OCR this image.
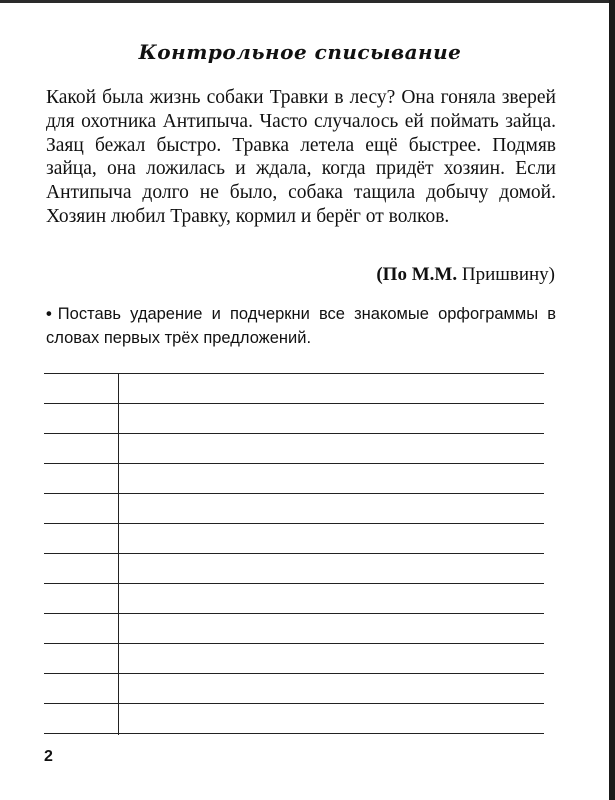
Контрольное списывание

Какой была жизнь собаки Травки в лесу? Она гоняла зверей для охотника Антипыча. Часто случалось ей поймать зайца. Заяц бежал быстро. Травка летела ещё быстрее. Подмяв зайца, она ложилась и ждала, когда придёт хозяин. Если Антипыча долго не было, собака тащила добычу домой. Хозяин любил Травку, кормил и берёг от волков.

(По М.М. Пришвину)
• Поставь ударение и подчеркни все знакомые орфограммы в словах первых трёх предложений.
2
